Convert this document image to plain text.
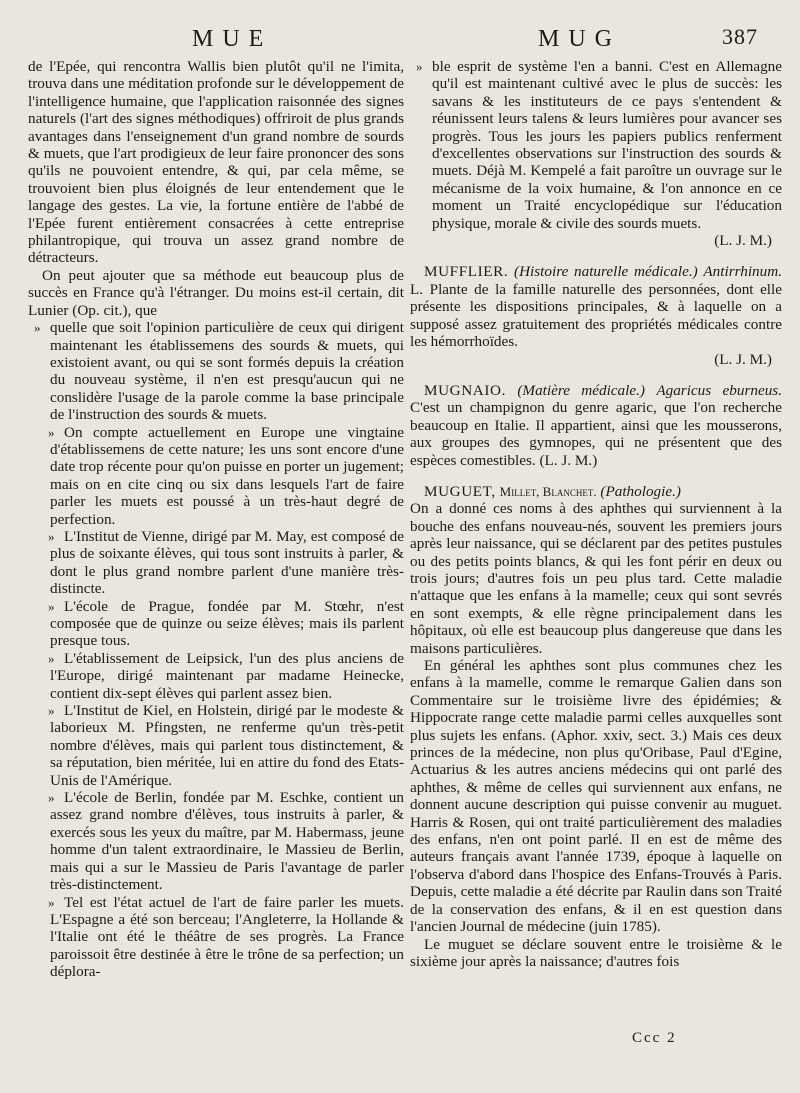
MUE	MUG	387

de l'Epée, qui rencontra Wallis bien plutôt qu'il ne l'imita, trouva dans une méditation profonde sur le développement de l'intelligence humaine, que l'application raisonnée des signes naturels (l'art des signes méthodiques) offriroit de plus grands avantages dans l'enseignement d'un grand nombre de sourds & muets, que l'art prodigieux de leur faire prononcer des sons qu'ils ne pouvoient entendre, & qui, par cela même, se trouvoient bien plus éloignés de leur entendement que le langage des gestes. La vie, la fortune entière de l'abbé de l'Epée furent entièrement consacrées à cette entreprise philantropique, qui trouva un assez grand nombre de détracteurs.

On peut ajouter que sa méthode eut beaucoup plus de succès en France qu'à l'étranger. Du moins est-il certain, dit Lunier (Op. cit.), que

» quelle que soit l'opinion particulière de ceux qui dirigent maintenant les établissemens des sourds & muets, qui existoient avant, ou qui se sont formés depuis la création du nouveau système, il n'en est presqu'aucun qui ne conslidère l'usage de la parole comme la base principale de l'instruction des sourds & muets.

» On compte actuellement en Europe une vingtaine d'établissemens de cette nature; les uns sont encore d'une date trop récente pour qu'on puisse en porter un jugement; mais on en cite cinq ou six dans lesquels l'art de faire parler les muets est poussé à un très-haut degré de perfection.

» L'Institut de Vienne, dirigé par M. May, est composé de plus de soixante élèves, qui tous sont instruits à parler, & dont le plus grand nombre parlent d'une manière très-distincte.

» L'école de Prague, fondée par M. Stœhr, n'est composée que de quinze ou seize élèves; mais ils parlent presque tous.

» L'établissement de Leipsick, l'un des plus anciens de l'Europe, dirigé maintenant par madame Heinecke, contient dix-sept élèves qui parlent assez bien.

» L'Institut de Kiel, en Holstein, dirigé par le modeste & laborieux M. Pfingsten, ne renferme qu'un très-petit nombre d'élèves, mais qui parlent tous distinctement, & sa réputation, bien méritée, lui en attire du fond des Etats-Unis de l'Amérique.

» L'école de Berlin, fondée par M. Eschke, contient un assez grand nombre d'élèves, tous instruits à parler, & exercés sous les yeux du maître, par M. Habermass, jeune homme d'un talent extraordinaire, le Massieu de Berlin, mais qui a sur le Massieu de Paris l'avantage de parler très-distinctement.

» Tel est l'état actuel de l'art de faire parler les muets. L'Espagne a été son berceau; l'Angleterre, la Hollande & l'Italie ont été le théâtre de ses progrès. La France paroissoit être destinée à être le trône de sa perfection; un déplora-

» ble esprit de système l'en a banni. C'est en Allemagne qu'il est maintenant cultivé avec le plus de succès: les savans & les instituteurs de ce pays s'entendent & réunissent leurs talens & leurs lumières pour avancer ses progrès. Tous les jours les papiers publics renferment d'excellentes observations sur l'instruction des sourds & muets. Déjà M. Kempelé a fait paroître un ouvrage sur le mécanisme de la voix humaine, & l'on annonce en ce moment un Traité encyclopédique sur l'éducation physique, morale & civile des sourds muets.

(L. J. M.)

MUFFLIER. (Histoire naturelle médicale.) Antirrhinum. L. Plante de la famille naturelle des personnées, dont elle présente les dispositions principales, & à laquelle on a supposé assez gratuitement des propriétés médicales contre les hémorrhoïdes.

(L. J. M.)

MUGNAIO. (Matière médicale.) Agaricus eburneus. C'est un champignon du genre agaric, que l'on recherche beaucoup en Italie. Il appartient, ainsi que les mousserons, aux groupes des gymnopes, qui ne présentent que des espèces comestibles. (L. J. M.)

MUGUET, Millet, Blanchet. (Pathologie.)

On a donné ces noms à des aphthes qui surviennent à la bouche des enfans nouveau-nés, souvent les premiers jours après leur naissance, qui se déclarent par des petites pustules ou des petits points blancs, & qui les font périr en deux ou trois jours; d'autres fois un peu plus tard. Cette maladie n'attaque que les enfans à la mamelle; ceux qui sont sevrés en sont exempts, & elle règne principalement dans les hôpitaux, où elle est beaucoup plus dangereuse que dans les maisons particulières.

En général les aphthes sont plus communes chez les enfans à la mamelle, comme le remarque Galien dans son Commentaire sur le troisième livre des épidémies; & Hippocrate range cette maladie parmi celles auxquelles sont plus sujets les enfans. (Aphor. xxiv, sect. 3.) Mais ces deux princes de la médecine, non plus qu'Oribase, Paul d'Egine, Actuarius & les autres anciens médecins qui ont parlé des aphthes, & même de celles qui surviennent aux enfans, ne donnent aucune description qui puisse convenir au muguet. Harris & Rosen, qui ont traité particulièrement des maladies des enfans, n'en ont point parlé. Il en est de même des auteurs français avant l'année 1739, époque à laquelle on l'observa d'abord dans l'hospice des Enfans-Trouvés à Paris. Depuis, cette maladie a été décrite par Raulin dans son Traité de la conservation des enfans, & il en est question dans l'ancien Journal de médecine (juin 1785).

Le muguet se déclare souvent entre le troisième & le sixième jour après la naissance; d'autres fois

Ccc 2
